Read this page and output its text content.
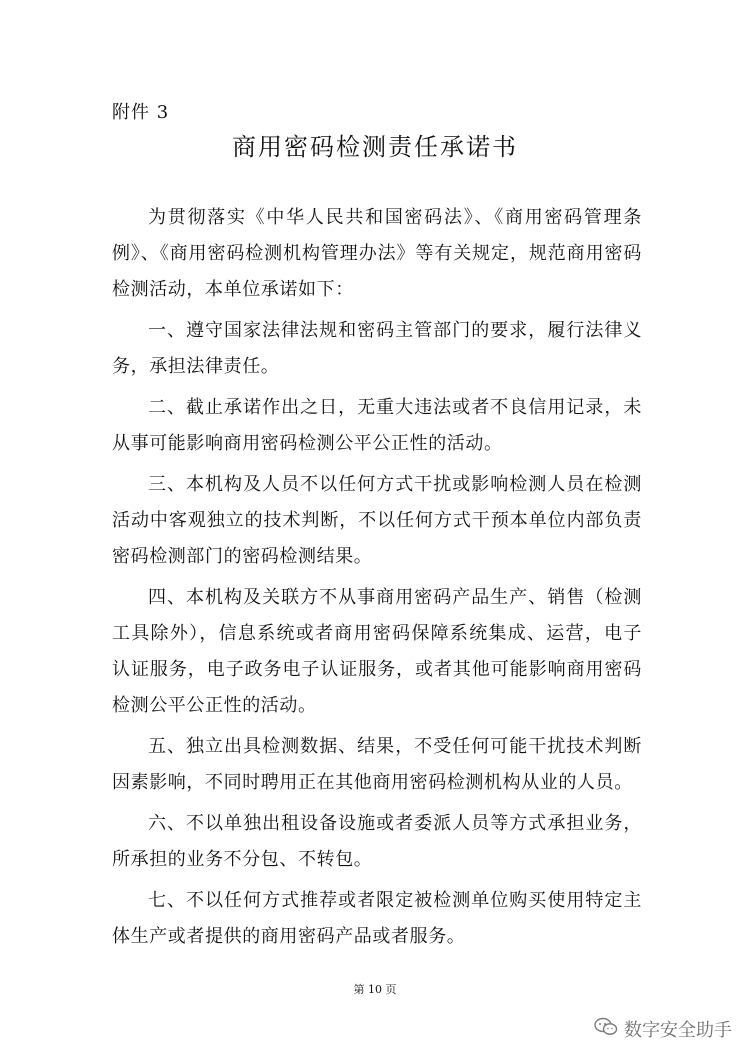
附件 3
商用密码检测责任承诺书

为贯彻落实《中华人民共和国密码法》、《商用密码管理条例》、《商用密码检测机构管理办法》等有关规定，规范商用密码检测活动，本单位承诺如下：

一、遵守国家法律法规和密码主管部门的要求，履行法律义务，承担法律责任。

二、截止承诺作出之日，无重大违法或者不良信用记录，未从事可能影响商用密码检测公平公正性的活动。

三、本机构及人员不以任何方式干扰或影响检测人员在检测活动中客观独立的技术判断，不以任何方式干预本单位内部负责密码检测部门的密码检测结果。

四、本机构及关联方不从事商用密码产品生产、销售（检测工具除外），信息系统或者商用密码保障系统集成、运营，电子认证服务，电子政务电子认证服务，或者其他可能影响商用密码检测公平公正性的活动。

五、独立出具检测数据、结果，不受任何可能干扰技术判断因素影响，不同时聘用正在其他商用密码检测机构从业的人员。

六、不以单独出租设备设施或者委派人员等方式承担业务，所承担的业务不分包、不转包。

七、不以任何方式推荐或者限定被检测单位购买使用特定主体生产或者提供的商用密码产品或者服务。

第 10 页
数字安全助手
